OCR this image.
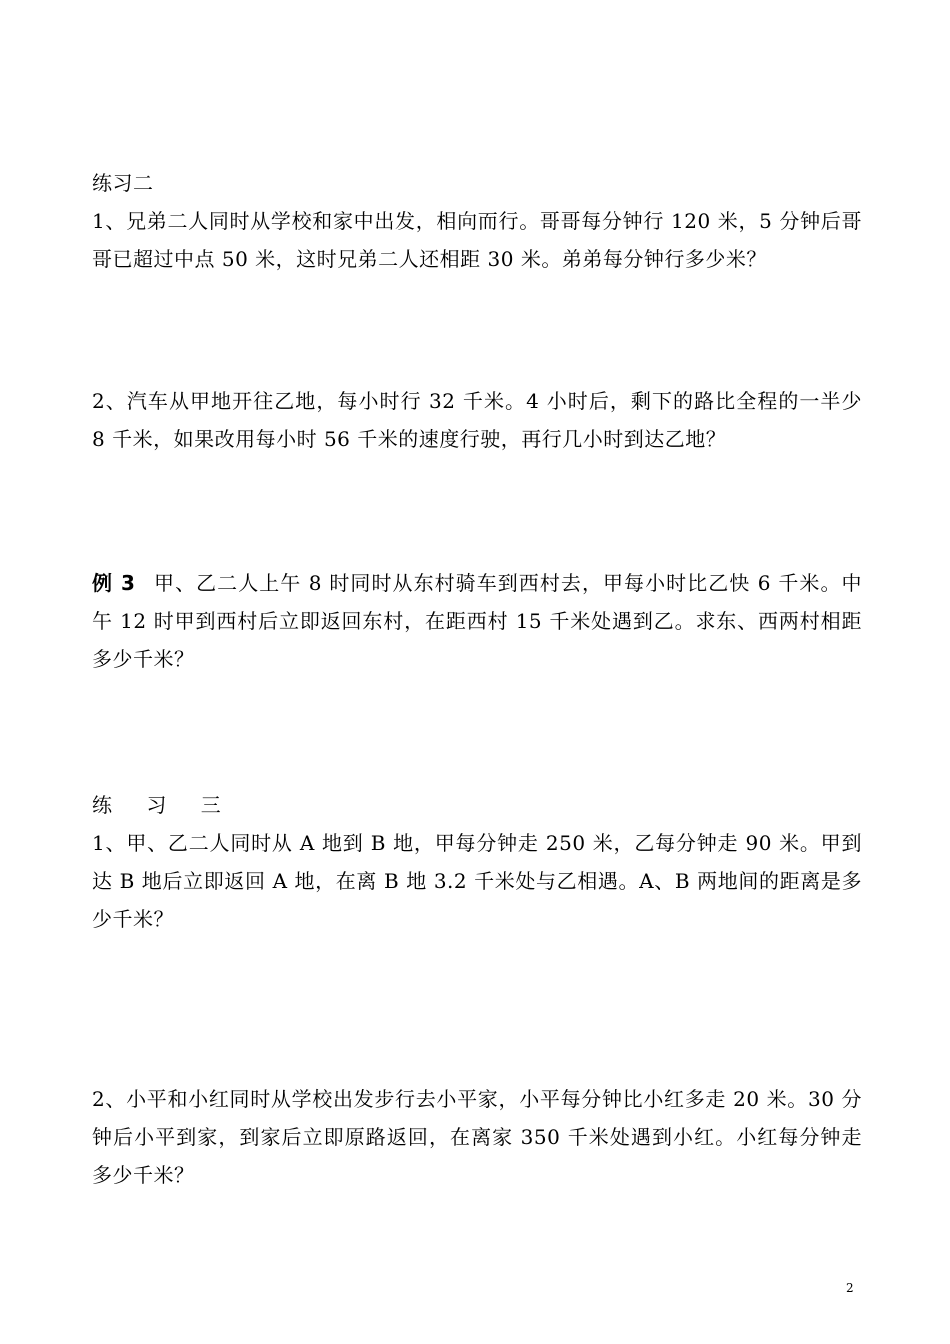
练习二

1、兄弟二人同时从学校和家中出发，相向而行。哥哥每分钟行 120 米，5 分钟后哥哥已超过中点 50 米，这时兄弟二人还相距 30 米。弟弟每分钟行多少米？

2、汽车从甲地开往乙地，每小时行 32 千米。4 小时后，剩下的路比全程的一半少 8 千米，如果改用每小时 56 千米的速度行驶，再行几小时到达乙地？

例 3 甲、乙二人上午 8 时同时从东村骑车到西村去，甲每小时比乙快 6 千米。中午 12 时甲到西村后立即返回东村，在距西村 15 千米处遇到乙。求东、西两村相距多少千米？

练 习 三

1、甲、乙二人同时从 A 地到 B 地，甲每分钟走 250 米，乙每分钟走 90 米。甲到达 B 地后立即返回 A 地，在离 B 地 3.2 千米处与乙相遇。A、B 两地间的距离是多少千米？

2、小平和小红同时从学校出发步行去小平家，小平每分钟比小红多走 20 米。30 分钟后小平到家，到家后立即原路返回，在离家 350 千米处遇到小红。小红每分钟走多少千米？

2
